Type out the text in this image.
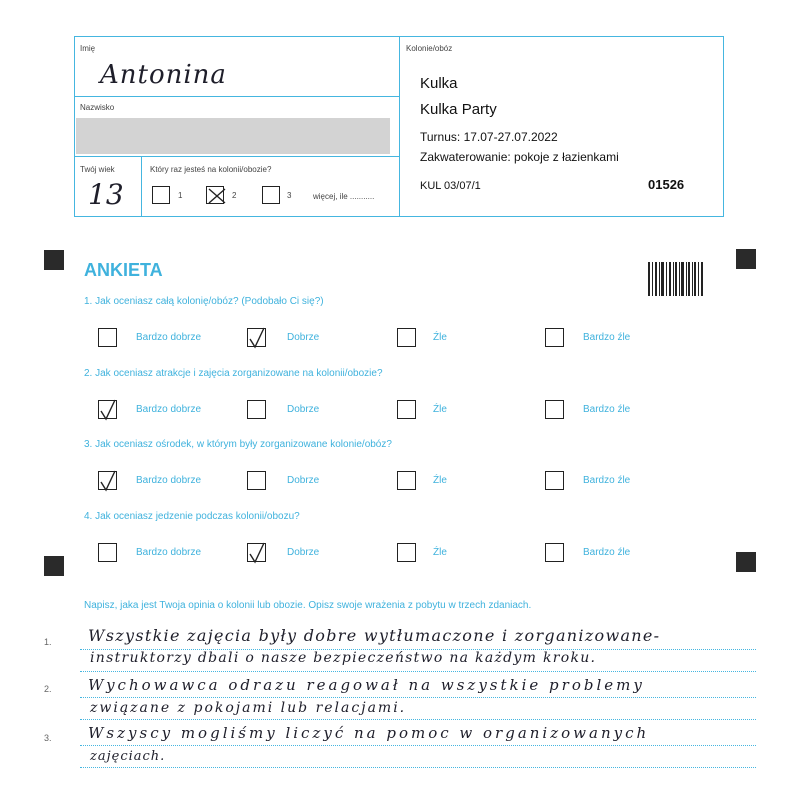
Imię
Antonina
Nazwisko
Twój wiek
13
Który raz jesteś na kolonii/obozie?
1	2	3	więcej, ile ...........
Kolonie/obóz
Kulka
Kulka Party
Turnus: 17.07-27.07.2022
Zakwaterowanie: pokoje z łazienkami
KUL 03/07/1	01526
ANKIETA
1. Jak oceniasz całą kolonię/obóz? (Podobało Ci się?)
Bardzo dobrze	Dobrze	Źle	Bardzo źle
2. Jak oceniasz atrakcje i zajęcia zorganizowane na kolonii/obozie?
Bardzo dobrze	Dobrze	Źle	Bardzo źle
3. Jak oceniasz ośrodek, w którym były zorganizowane kolonie/obóz?
Bardzo dobrze	Dobrze	Źle	Bardzo źle
4. Jak oceniasz jedzenie podczas kolonii/obozu?
Bardzo dobrze	Dobrze	Źle	Bardzo źle
Napisz, jaka jest Twoja opinia o kolonii lub obozie. Opisz swoje wrażenia z pobytu w trzech zdaniach.
1.
2.
3.
Wszystkie zajęcia były dobre wytłumaczone i zorganizowane-
instruktorzy dbali o nasze bezpieczeństwo na każdym kroku.
Wychowawca odrazu reagował na wszystkie problemy
związane z pokojami lub relacjami.
Wszyscy mogliśmy liczyć na pomoc w organizowanych
zajęciach.
